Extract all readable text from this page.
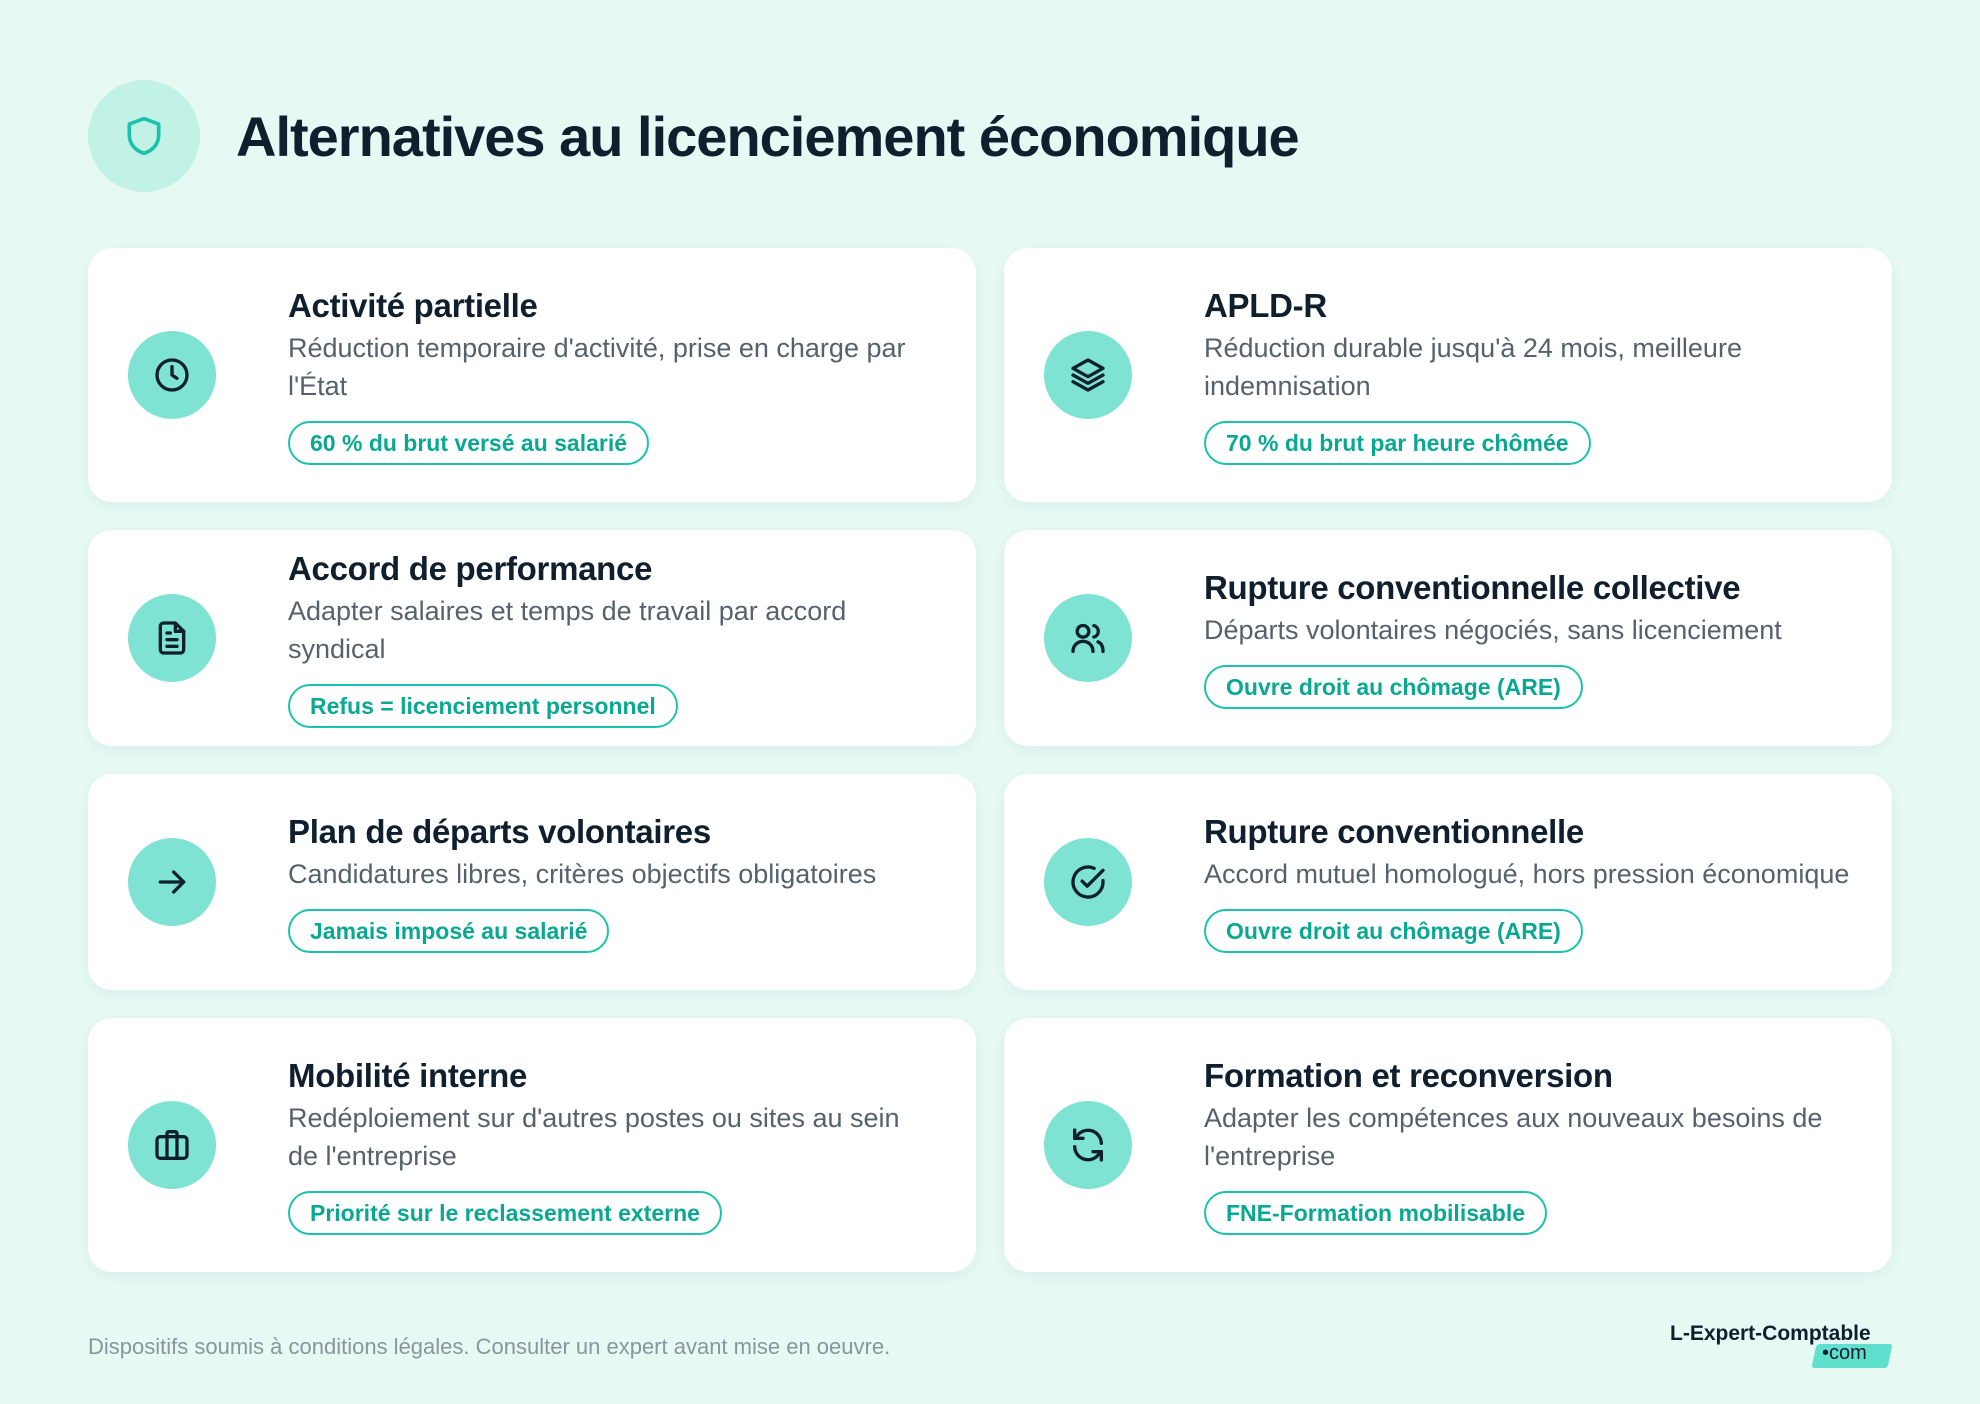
Alternatives au licenciement économique
Activité partielle
Réduction temporaire d'activité, prise en charge par l'État
60 % du brut versé au salarié
APLD-R
Réduction durable jusqu'à 24 mois, meilleure indemnisation
70 % du brut par heure chômée
Accord de performance
Adapter salaires et temps de travail par accord syndical
Refus = licenciement personnel
Rupture conventionnelle collective
Départs volontaires négociés, sans licenciement
Ouvre droit au chômage (ARE)
Plan de départs volontaires
Candidatures libres, critères objectifs obligatoires
Jamais imposé au salarié
Rupture conventionnelle
Accord mutuel homologué, hors pression économique
Ouvre droit au chômage (ARE)
Mobilité interne
Redéploiement sur d'autres postes ou sites au sein de l'entreprise
Priorité sur le reclassement externe
Formation et reconversion
Adapter les compétences aux nouveaux besoins de l'entreprise
FNE-Formation mobilisable
Dispositifs soumis à conditions légales. Consulter un expert avant mise en oeuvre.
L-Expert-Comptable
•com
